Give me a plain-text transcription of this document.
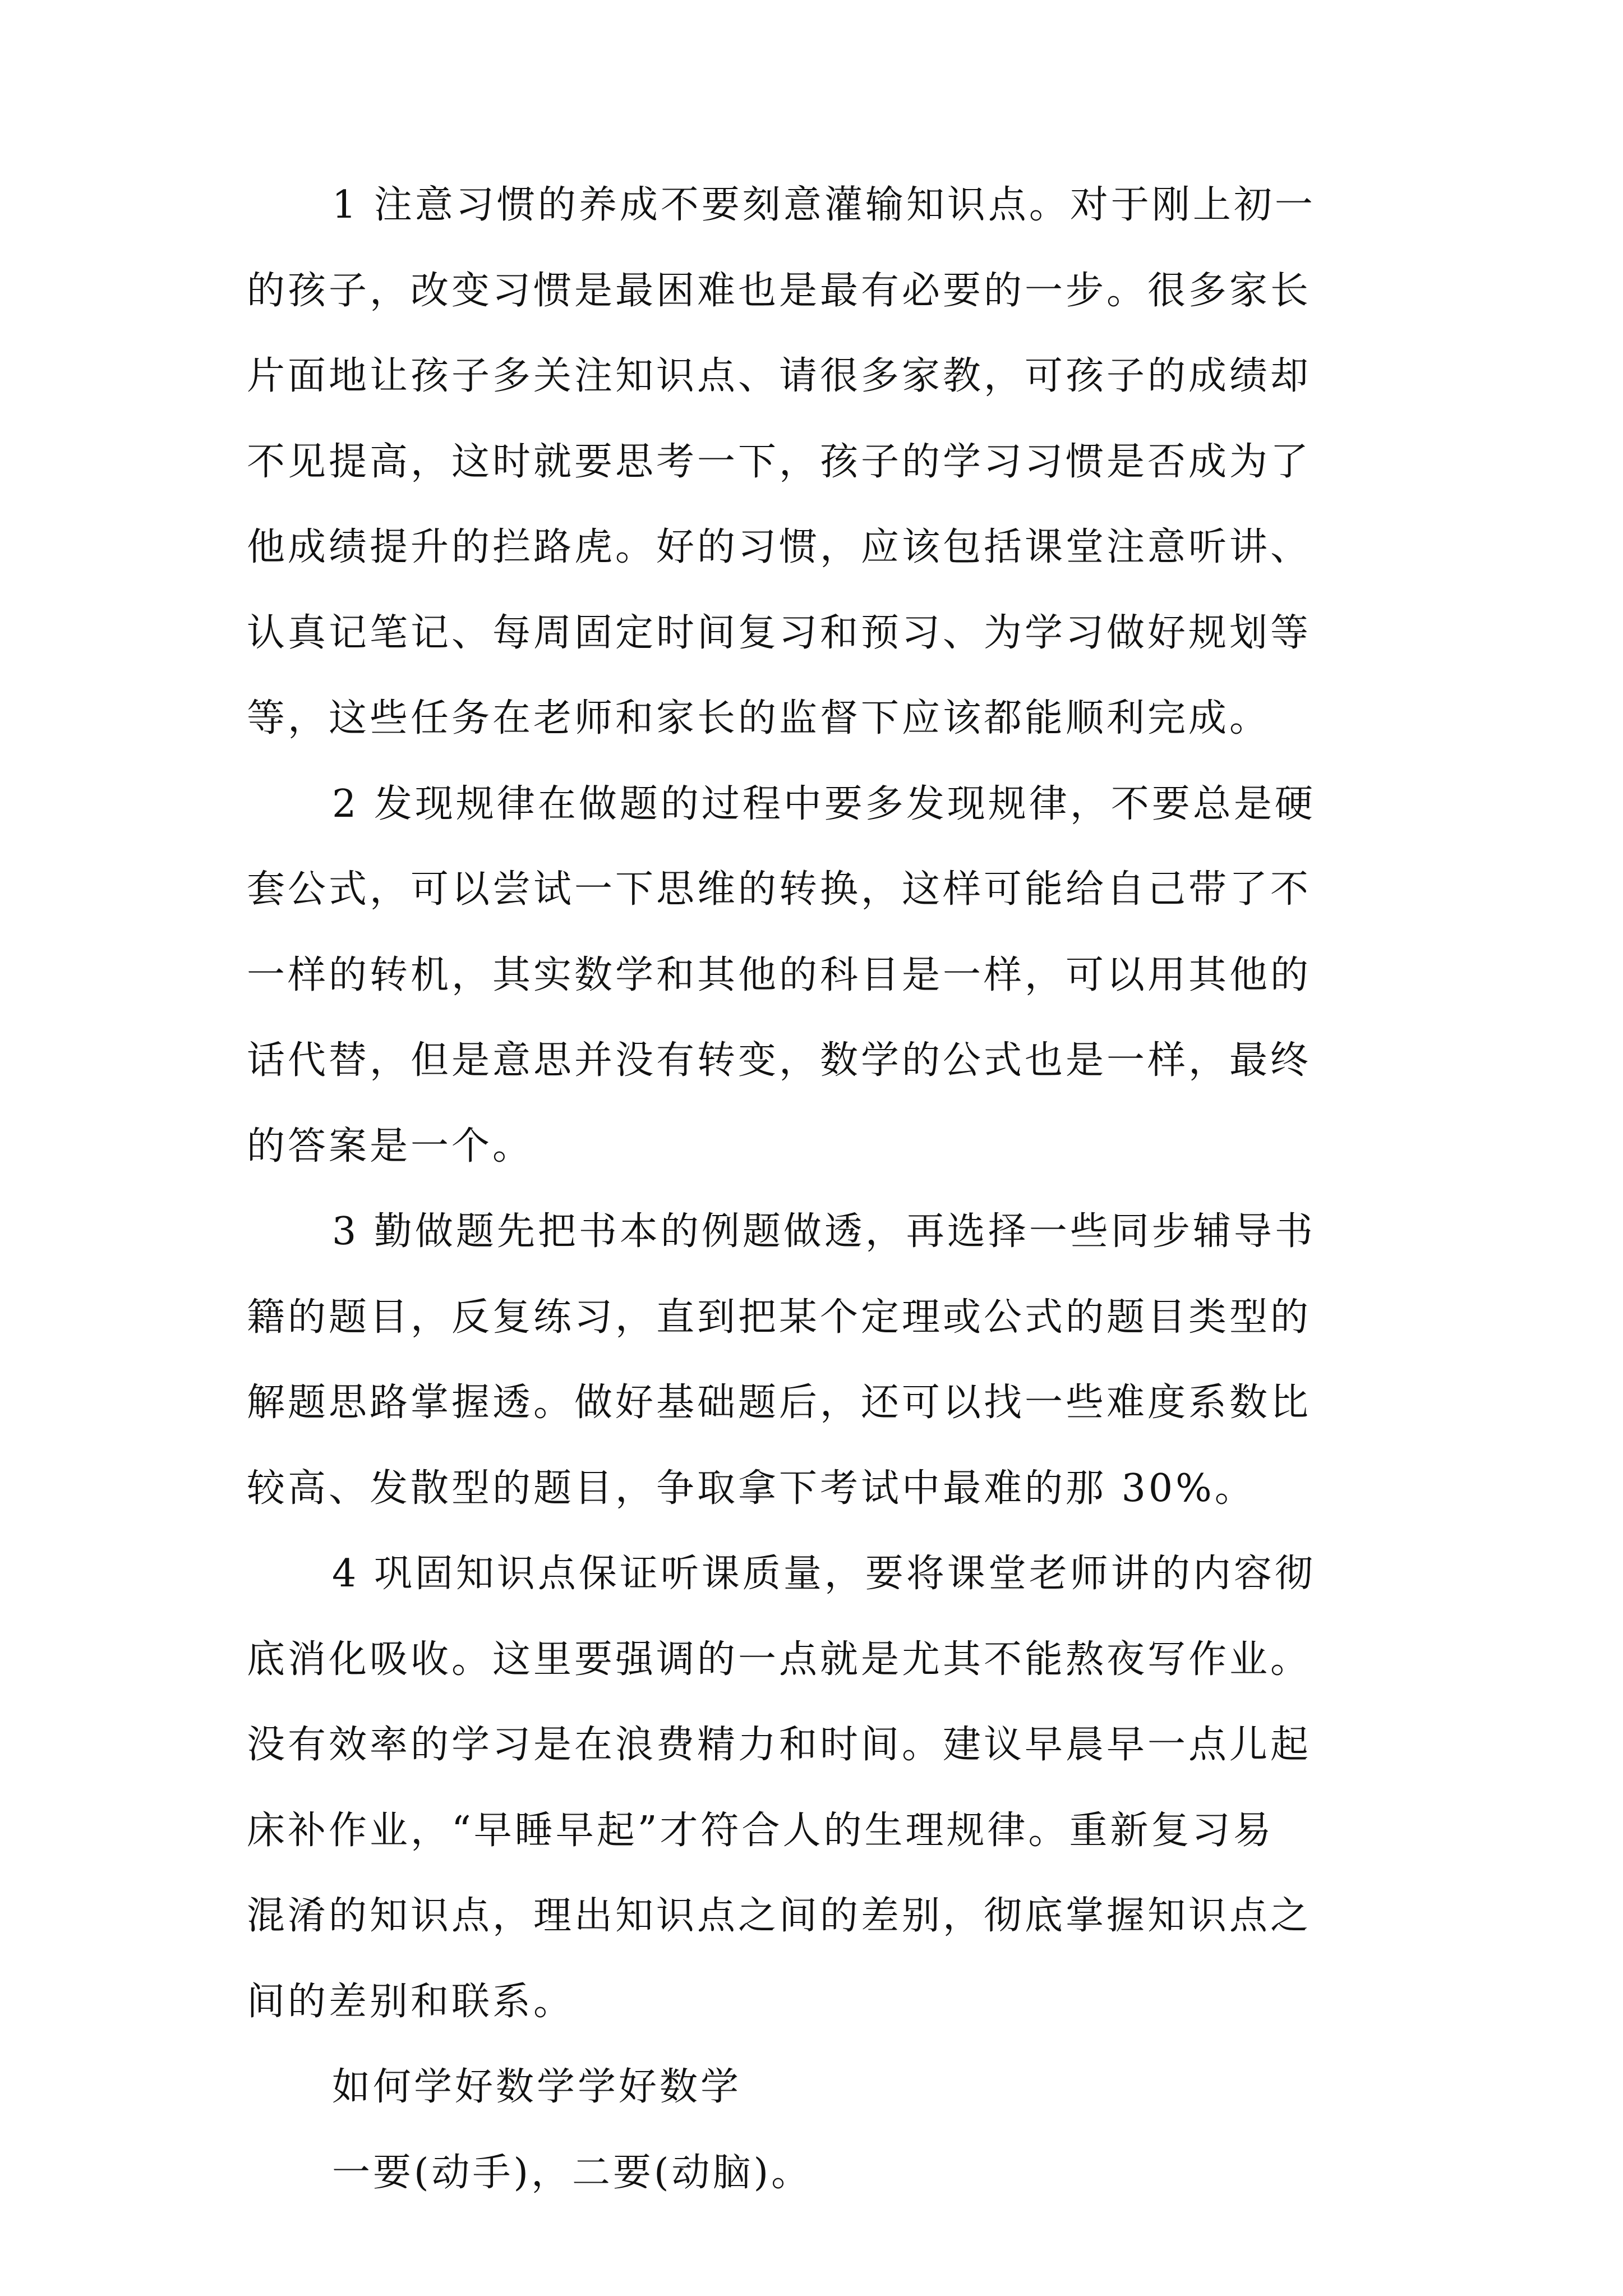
1 注意习惯的养成不要刻意灌输知识点。对于刚上初一
的孩子，改变习惯是最困难也是最有必要的一步。很多家长
片面地让孩子多关注知识点、请很多家教，可孩子的成绩却
不见提高，这时就要思考一下，孩子的学习习惯是否成为了
他成绩提升的拦路虎。好的习惯，应该包括课堂注意听讲、
认真记笔记、每周固定时间复习和预习、为学习做好规划等
等，这些任务在老师和家长的监督下应该都能顺利完成。

2 发现规律在做题的过程中要多发现规律，不要总是硬
套公式，可以尝试一下思维的转换，这样可能给自己带了不
一样的转机，其实数学和其他的科目是一样，可以用其他的
话代替，但是意思并没有转变，数学的公式也是一样，最终
的答案是一个。

3 勤做题先把书本的例题做透，再选择一些同步辅导书
籍的题目，反复练习，直到把某个定理或公式的题目类型的
解题思路掌握透。做好基础题后，还可以找一些难度系数比
较高、发散型的题目，争取拿下考试中最难的那 30%。

4 巩固知识点保证听课质量，要将课堂老师讲的内容彻
底消化吸收。这里要强调的一点就是尤其不能熬夜写作业。
没有效率的学习是在浪费精力和时间。建议早晨早一点儿起
床补作业，“早睡早起”才符合人的生理规律。重新复习易
混淆的知识点，理出知识点之间的差别，彻底掌握知识点之
间的差别和联系。

如何学好数学学好数学

一要(动手)，二要(动脑)。
